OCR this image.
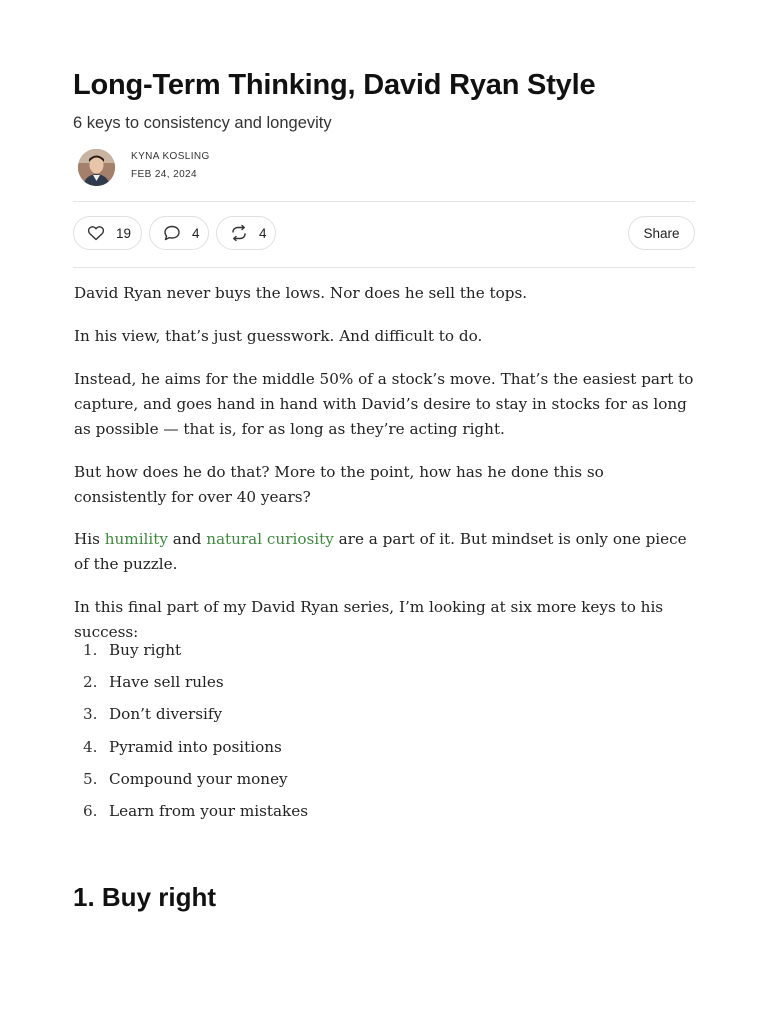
Long-Term Thinking, David Ryan Style

6 keys to consistency and longevity

KYNA KOSLING
FEB 24, 2024
19	4	4	Share

David Ryan never buys the lows. Nor does he sell the tops.

In his view, that’s just guesswork. And difficult to do.

Instead, he aims for the middle 50% of a stock’s move. That’s the easiest part to capture, and goes hand in hand with David’s desire to stay in stocks for as long as possible — that is, for as long as they’re acting right.

But how does he do that? More to the point, how has he done this so consistently for over 40 years?

His humility and natural curiosity are a part of it. But mindset is only one piece of the puzzle.

In this final part of my David Ryan series, I’m looking at six more keys to his success:

1. Buy right
2. Have sell rules
3. Don’t diversify
4. Pyramid into positions
5. Compound your money
6. Learn from your mistakes
1. Buy right
